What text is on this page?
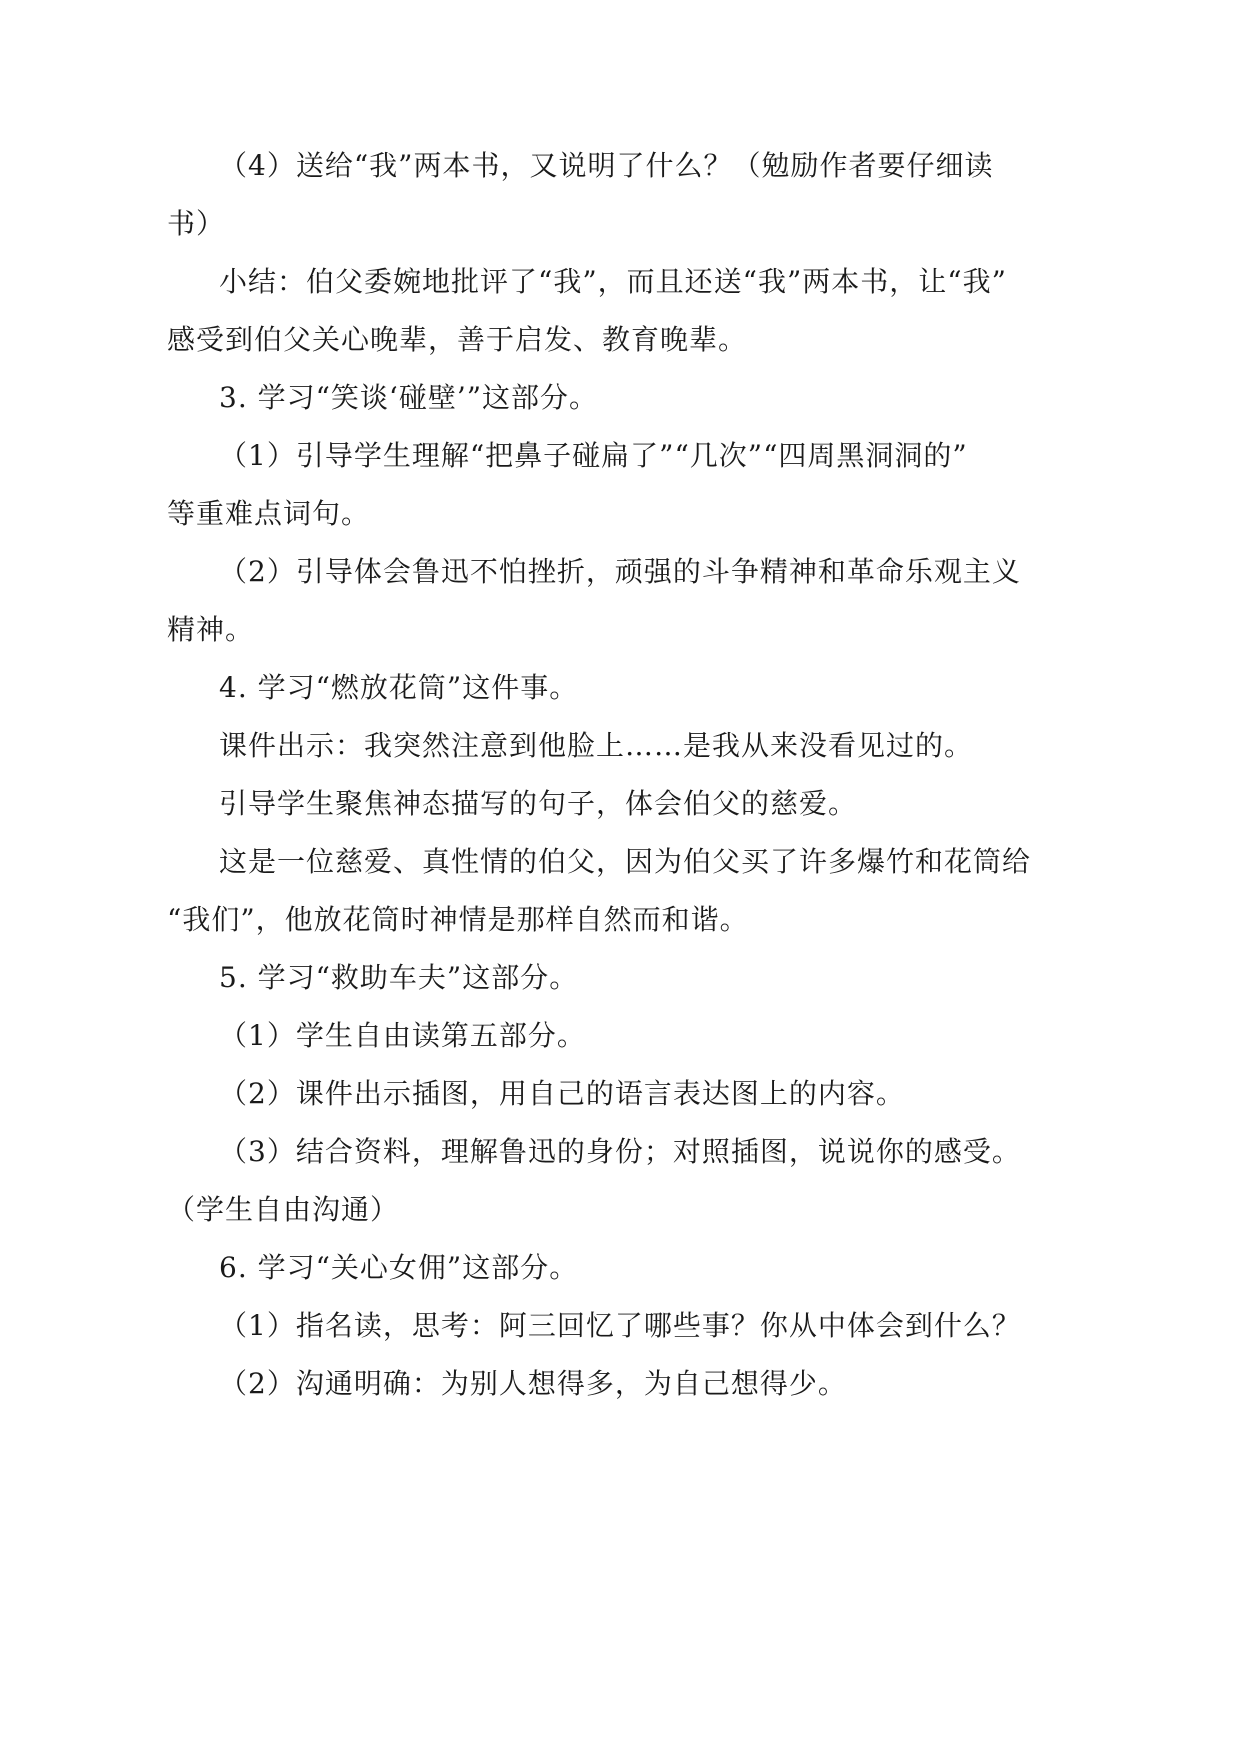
（4）送给“我”两本书，又说明了什么？（勉励作者要仔细读
书）
小结：伯父委婉地批评了“我”，而且还送“我”两本书，让“我”
感受到伯父关心晚辈，善于启发、教育晚辈。
3. 学习“笑谈‘碰壁’”这部分。
（1）引导学生理解“把鼻子碰扁了”“几次”“四周黑洞洞的”
等重难点词句。
（2）引导体会鲁迅不怕挫折，顽强的斗争精神和革命乐观主义
精神。
4. 学习“燃放花筒”这件事。
课件出示：我突然注意到他脸上……是我从来没看见过的。
引导学生聚焦神态描写的句子，体会伯父的慈爱。
这是一位慈爱、真性情的伯父，因为伯父买了许多爆竹和花筒给
“我们”，他放花筒时神情是那样自然而和谐。
5. 学习“救助车夫”这部分。
（1）学生自由读第五部分。
（2）课件出示插图，用自己的语言表达图上的内容。
（3）结合资料，理解鲁迅的身份；对照插图，说说你的感受。
（学生自由沟通）
6. 学习“关心女佣”这部分。
（1）指名读，思考：阿三回忆了哪些事？你从中体会到什么？
（2）沟通明确：为别人想得多，为自己想得少。
